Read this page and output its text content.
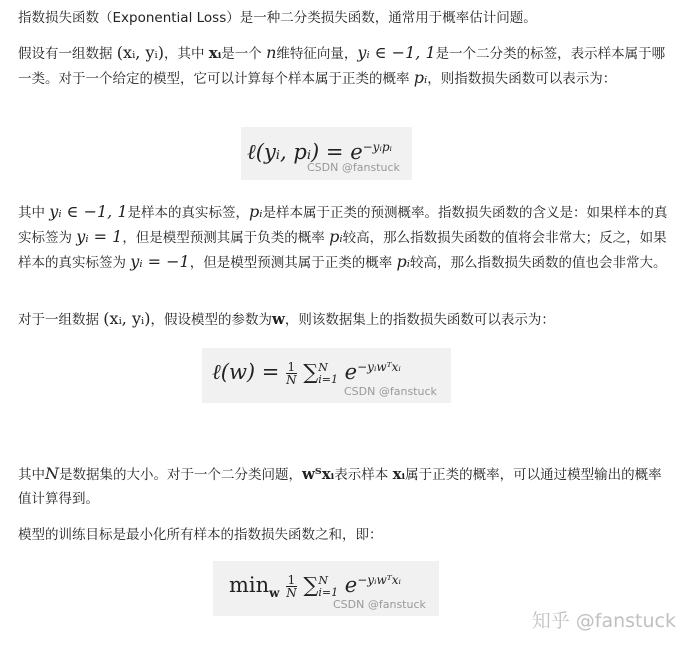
指数损失函数（Exponential Loss）是一种二分类损失函数，通常用于概率估计问题。

假设有一组数据 (xᵢ, yᵢ)，其中 xᵢ是一个 n维特征向量，yᵢ ∈ −1, 1是一个二分类的标签，表示样本属于哪一类。对于一个给定的模型，它可以计算每个样本属于正类的概率 pᵢ，则指数损失函数可以表示为：

ℓ(yᵢ, pᵢ) = $e^{-yᵢpᵢ}$
CSDN @fanstuck

其中 yᵢ ∈ −1, 1是样本的真实标签，pᵢ是样本属于正类的预测概率。指数损失函数的含义是：如果样本的真实标签为 yᵢ = 1，但是模型预测其属于负类的概率 pᵢ较高，那么指数损失函数的值将会非常大；反之，如果样本的真实标签为 yᵢ = −1，但是模型预测其属于正类的概率 pᵢ较高，那么指数损失函数的值也会非常大。

对于一组数据 (xᵢ, yᵢ)，假设模型的参数为w，则该数据集上的指数损失函数可以表示为：

ℓ(w) = $\frac{1}{N}$ ∑ N
i=1 $e^{-yᵢwᵀxᵢ}$
CSDN @fanstuck

其中N是数据集的大小。对于一个二分类问题，wᵀxᵢ表示样本 xᵢ属于正类的概率，可以通过模型输出的概率值计算得到。

模型的训练目标是最小化所有样本的指数损失函数之和，即：

$\min_w \frac{1}{N}$ ∑ N
i=1 $e^{-yᵢwᵀxᵢ}$
CSDN @fanstuck
知乎 @fanstuck
